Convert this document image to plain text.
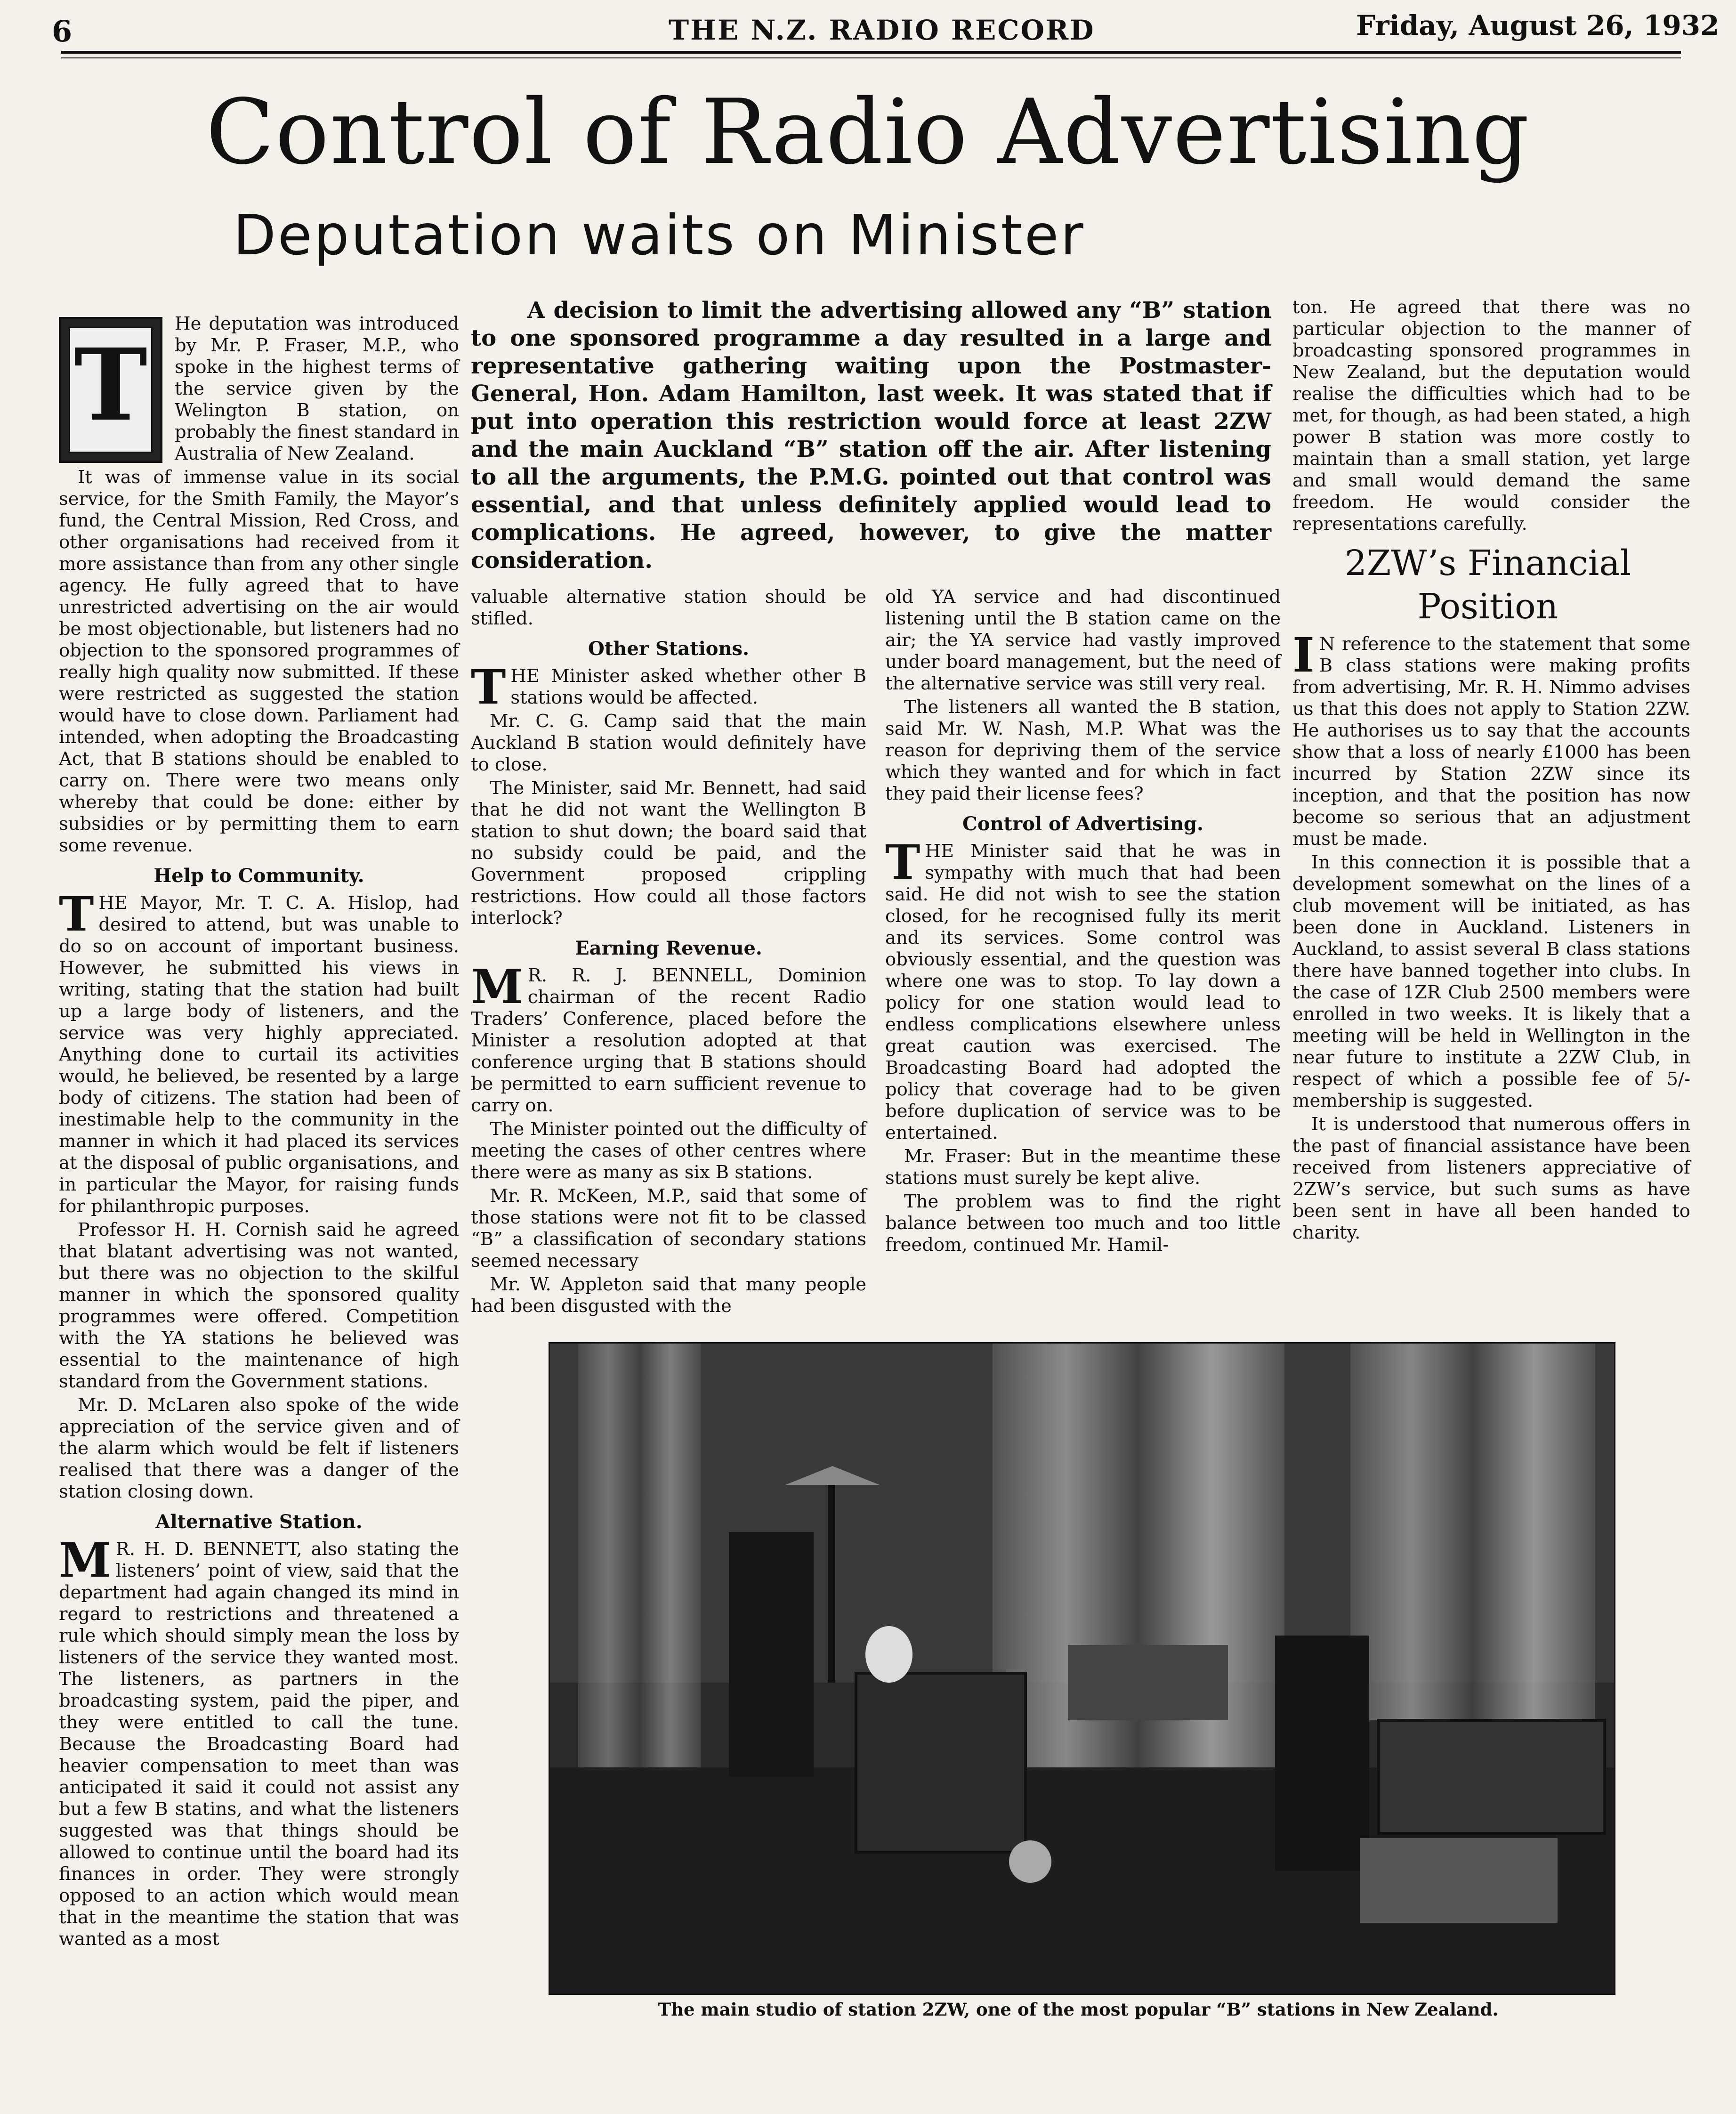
6	THE N.Z. RADIO RECORD	Friday, August 26, 1932
Control of Radio Advertising
Deputation waits on Minister

A decision to limit the advertising allowed any “B” station to one sponsored programme a day resulted in a large and representative gathering waiting upon the Postmaster-General, Hon. Adam Hamilton, last week. It was stated that if put into operation this restriction would force at least 2ZW and the main Auckland “B” station off the air. After listening to all the arguments, the P.M.G. pointed out that control was essential, and that unless definitely applied would lead to complications. He agreed, however, to give the matter consideration.

T

He deputation was introduced by Mr. P. Fraser, M.P., who spoke in the highest terms of the service given by the Welington B station, on probably the finest standard in Australia of New Zealand.

It was of immense value in its social service, for the Smith Family, the Mayor’s fund, the Central Mission, Red Cross, and other organisations had received from it more assistance than from any other single agency. He fully agreed that to have unrestricted advertising on the air would be most objectionable, but listeners had no objection to the sponsored programmes of really high quality now submitted. If these were restricted as suggested the station would have to close down. Parliament had intended, when adopting the Broadcasting Act, that B stations should be enabled to carry on. There were two means only whereby that could be done: either by subsidies or by permitting them to earn some revenue.

Help to Community.

THE Mayor, Mr. T. C. A. Hislop, had desired to attend, but was unable to do so on account of important business. However, he submitted his views in writing, stating that the station had built up a large body of listeners, and the service was very highly appreciated. Anything done to curtail its activities would, he believed, be resented by a large body of citizens. The station had been of inestimable help to the community in the manner in which it had placed its services at the disposal of public organisations, and in particular the Mayor, for raising funds for philanthropic purposes.

Professor H. H. Cornish said he agreed that blatant advertising was not wanted, but there was no objection to the skilful manner in which the sponsored quality programmes were offered. Competition with the YA stations he believed was essential to the maintenance of high standard from the Government stations.

Mr. D. McLaren also spoke of the wide appreciation of the service given and of the alarm which would be felt if listeners realised that there was a danger of the station closing down.

Alternative Station.

M R. H. D. BENNETT, also stating the listeners’ point of view, said that the department had again changed its mind in regard to restrictions and threatened a rule which should simply mean the loss by listeners of the service they wanted most. The listeners, as partners in the broadcasting system, paid the piper, and they were entitled to call the tune. Because the Broadcasting Board had heavier compensation to meet than was anticipated it said it could not assist any but a few B statins, and what the listeners suggested was that things should be allowed to continue until the board had its finances in order. They were strongly opposed to an action which would mean that in the meantime the station that was wanted as a most

valuable alternative station should be stifled.

Other Stations.

THE Minister asked whether other B stations would be affected.

Mr. C. G. Camp said that the main Auckland B station would definitely have to close.

The Minister, said Mr. Bennett, had said that he did not want the Wellington B station to shut down; the board said that no subsidy could be paid, and the Government proposed crippling restrictions. How could all those factors interlock?

Earning Revenue.

M R. R. J. BENNELL, Dominion chairman of the recent Radio Traders’ Conference, placed before the Minister a resolution adopted at that conference urging that B stations should be permitted to earn sufficient revenue to carry on.

The Minister pointed out the difficulty of meeting the cases of other centres where there were as many as six B stations.

Mr. R. McKeen, M.P., said that some of those stations were not fit to be classed “B” a classification of secondary stations seemed necessary

Mr. W. Appleton said that many people had been disgusted with the

old YA service and had discontinued listening until the B station came on the air; the YA service had vastly improved under board management, but the need of the alternative service was still very real.

The listeners all wanted the B station, said Mr. W. Nash, M.P. What was the reason for depriving them of the service which they wanted and for which in fact they paid their license fees?

Control of Advertising.

THE Minister said that he was in sympathy with much that had been said. He did not wish to see the station closed, for he recognised fully its merit and its services. Some control was obviously essential, and the question was where one was to stop. To lay down a policy for one station would lead to endless complications elsewhere unless great caution was exercised. The Broadcasting Board had adopted the policy that coverage had to be given before duplication of service was to be entertained.

Mr. Fraser: But in the meantime these stations must surely be kept alive.

The problem was to find the right balance between too much and too little freedom, continued Mr. Hamil-

ton. He agreed that there was no particular objection to the manner of broadcasting sponsored programmes in New Zealand, but the deputation would realise the difficulties which had to be met, for though, as had been stated, a high power B station was more costly to maintain than a small station, yet large and small would demand the same freedom. He would consider the representations carefully.

2ZW’s Financial Position

I N reference to the statement that some B class stations were making profits from advertising, Mr. R. H. Nimmo advises us that this does not apply to Station 2ZW. He authorises us to say that the accounts show that a loss of nearly £1000 has been incurred by Station 2ZW since its inception, and that the position has now become so serious that an adjustment must be made.

In this connection it is possible that a development somewhat on the lines of a club movement will be initiated, as has been done in Auckland. Listeners in Auckland, to assist several B class stations there have banned together into clubs. In the case of 1ZR Club 2500 members were enrolled in two weeks. It is likely that a meeting will be held in Wellington in the near future to institute a 2ZW Club, in respect of which a possible fee of 5/- membership is suggested.

It is understood that numerous offers in the past of financial assistance have been received from listeners appreciative of 2ZW’s service, but such sums as have been sent in have all been handed to charity.

The main studio of station 2ZW, one of the most popular “B” stations in New Zealand.
